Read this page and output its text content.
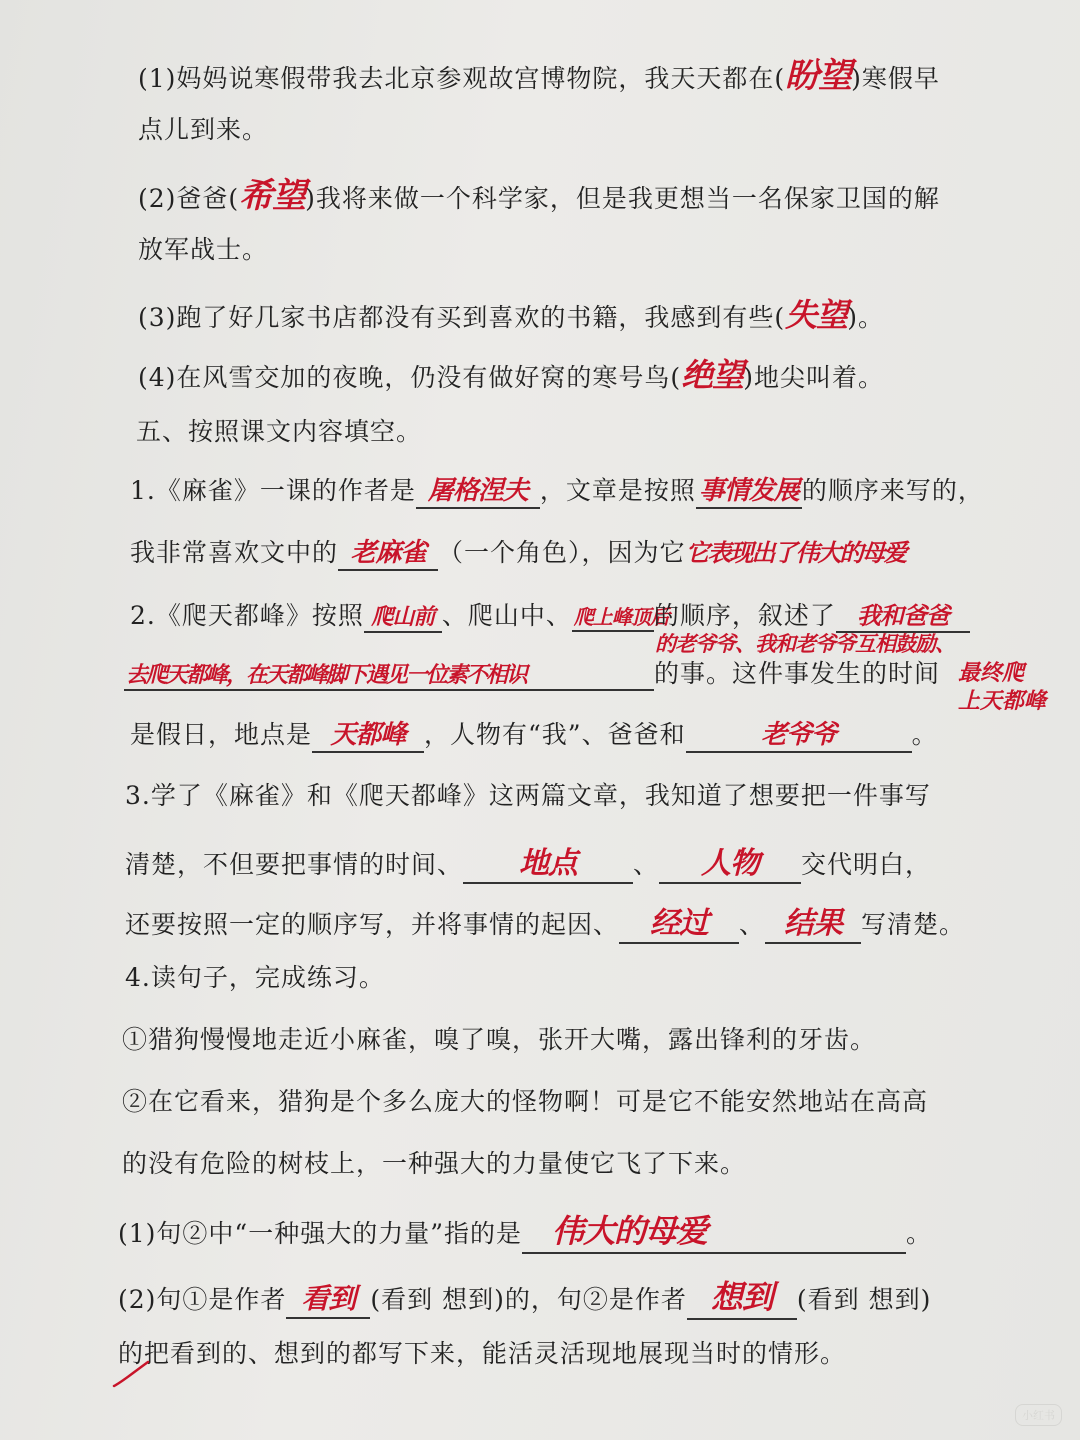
(1)妈妈说寒假带我去北京参观故宫博物院，我天天都在(盼望)寒假早
点儿到来。
(2)爸爸(希望)我将来做一个科学家，但是我更想当一名保家卫国的解
放军战士。
(3)跑了好几家书店都没有买到喜欢的书籍，我感到有些(失望)。
(4)在风雪交加的夜晚，仍没有做好窝的寒号鸟(绝望)地尖叫着。
五、按照课文内容填空。
1.《麻雀》一课的作者是 屠格涅夫 ，文章是按照 事情发展 的顺序来写的，
我非常喜欢文中的 老麻雀 （一个角色），因为它它表现出了伟大的母爱
2.《爬天都峰》按照 爬山前 、爬山中、 爬上峰顶后的顺序，叙述了 我和爸爸
的老爷爷、我和老爷爷互相鼓励、
去爬天都峰，在天都峰脚下遇见一位素不相识	的事。这件事发生的时间 最终爬
上天都峰
是假日，地点是 天都峰 ，人物有“我”、爸爸和	老爷爷	。
3.学了《麻雀》和《爬天都峰》这两篇文章，我知道了想要把一件事写
清楚，不但要把事情的时间、 地点 、 人物 交代明白，
还要按照一定的顺序写，并将事情的起因、 经过 、 结果 写清楚。
4.读句子，完成练习。
①猎狗慢慢地走近小麻雀，嗅了嗅，张开大嘴，露出锋利的牙齿。
②在它看来，猎狗是个多么庞大的怪物啊！可是它不能安然地站在高高
的没有危险的树枝上，一种强大的力量使它飞了下来。
(1)句②中“一种强大的力量”指的是 伟大的母爱	。
(2)句①是作者 看到 (看到 想到)的，句②是作者 想到 (看到 想到)
的把看到的、想到的都写下来，能活灵活现地展现当时的情形。
小红书
